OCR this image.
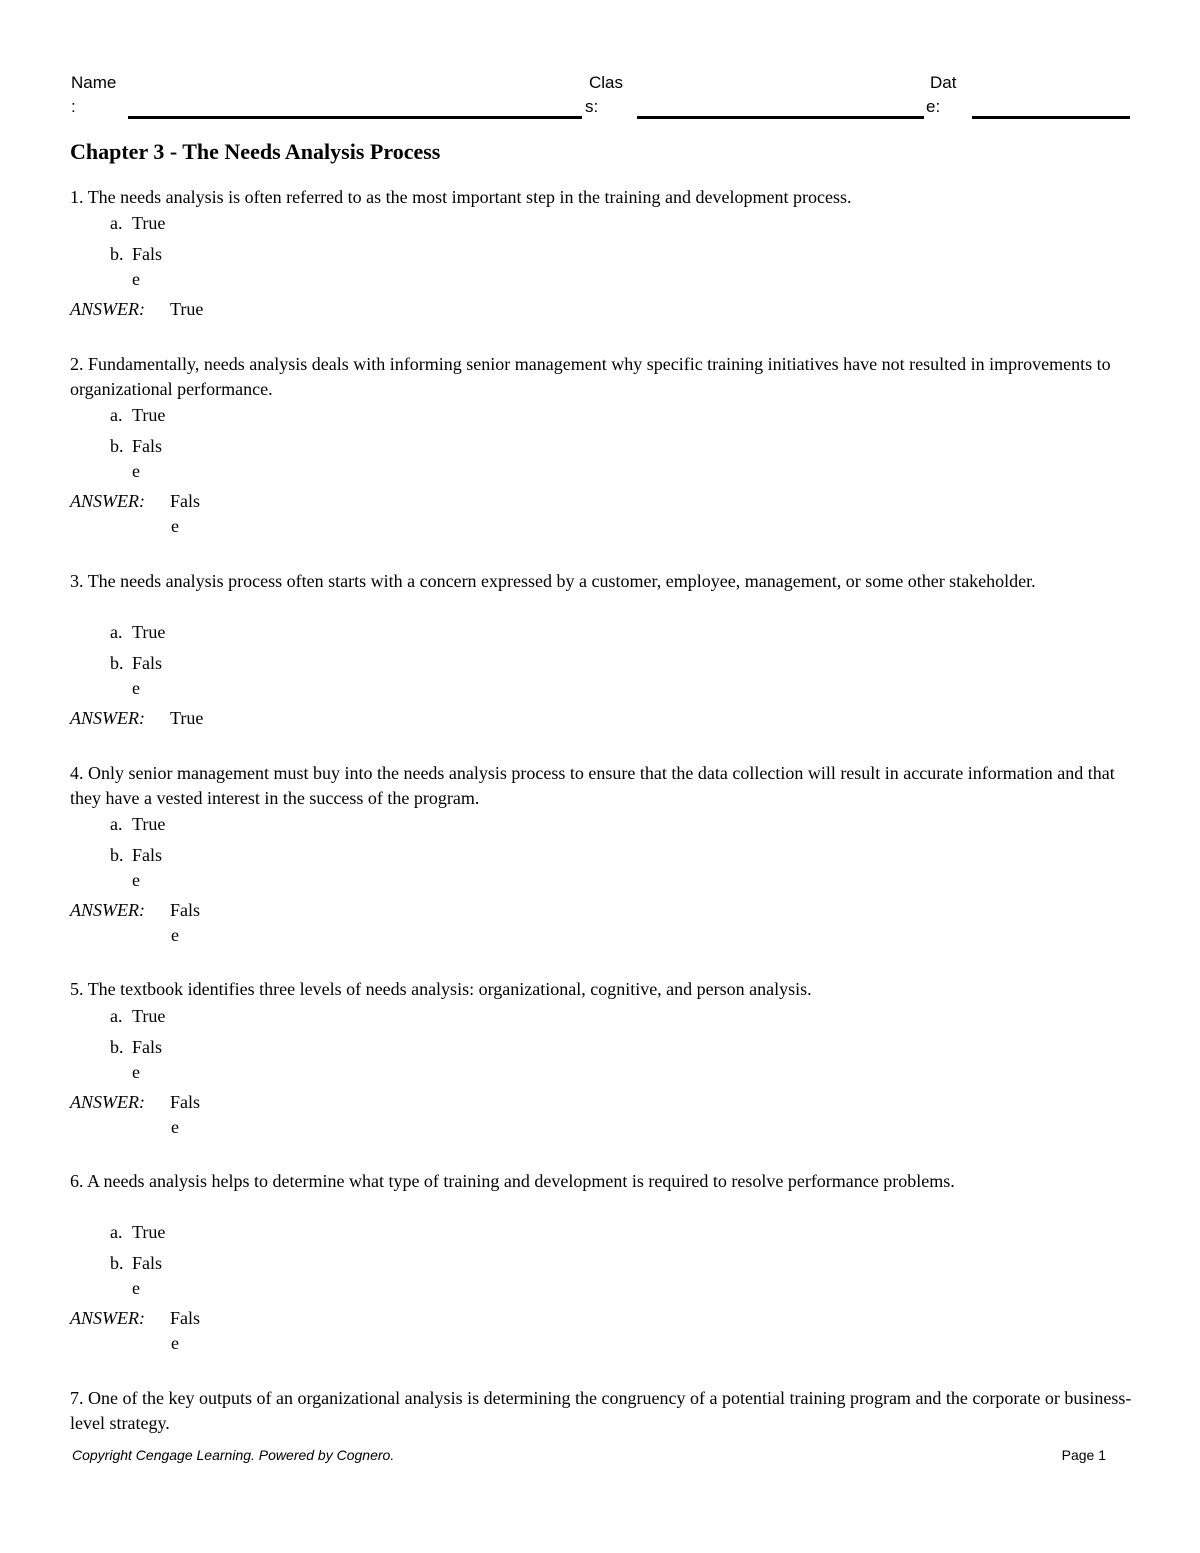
Name
:
Clas
s:
Dat
e:
Chapter 3 - The Needs Analysis Process
1. The needs analysis is often referred to as the most important step in the training and development process.
a. True
b. Fals
e
ANSWER: True
2. Fundamentally, needs analysis deals with informing senior management why specific training initiatives have not resulted in improvements to organizational performance.
a. True
b. Fals
e
ANSWER: Fals
e
3. The needs analysis process often starts with a concern expressed by a customer, employee, management, or some other stakeholder.
a. True
b. Fals
e
ANSWER: True
4. Only senior management must buy into the needs analysis process to ensure that the data collection will result in accurate information and that they have a vested interest in the success of the program.
a. True
b. Fals
e
ANSWER: Fals
e
5. The textbook identifies three levels of needs analysis: organizational, cognitive, and person analysis.
a. True
b. Fals
e
ANSWER: Fals
e
6. A needs analysis helps to determine what type of training and development is required to resolve performance problems.
a. True
b. Fals
e
ANSWER: Fals
e
7. One of the key outputs of an organizational analysis is determining the congruency of a potential training program and the corporate or business-level strategy.
Copyright Cengage Learning. Powered by Cognero.	Page 1
